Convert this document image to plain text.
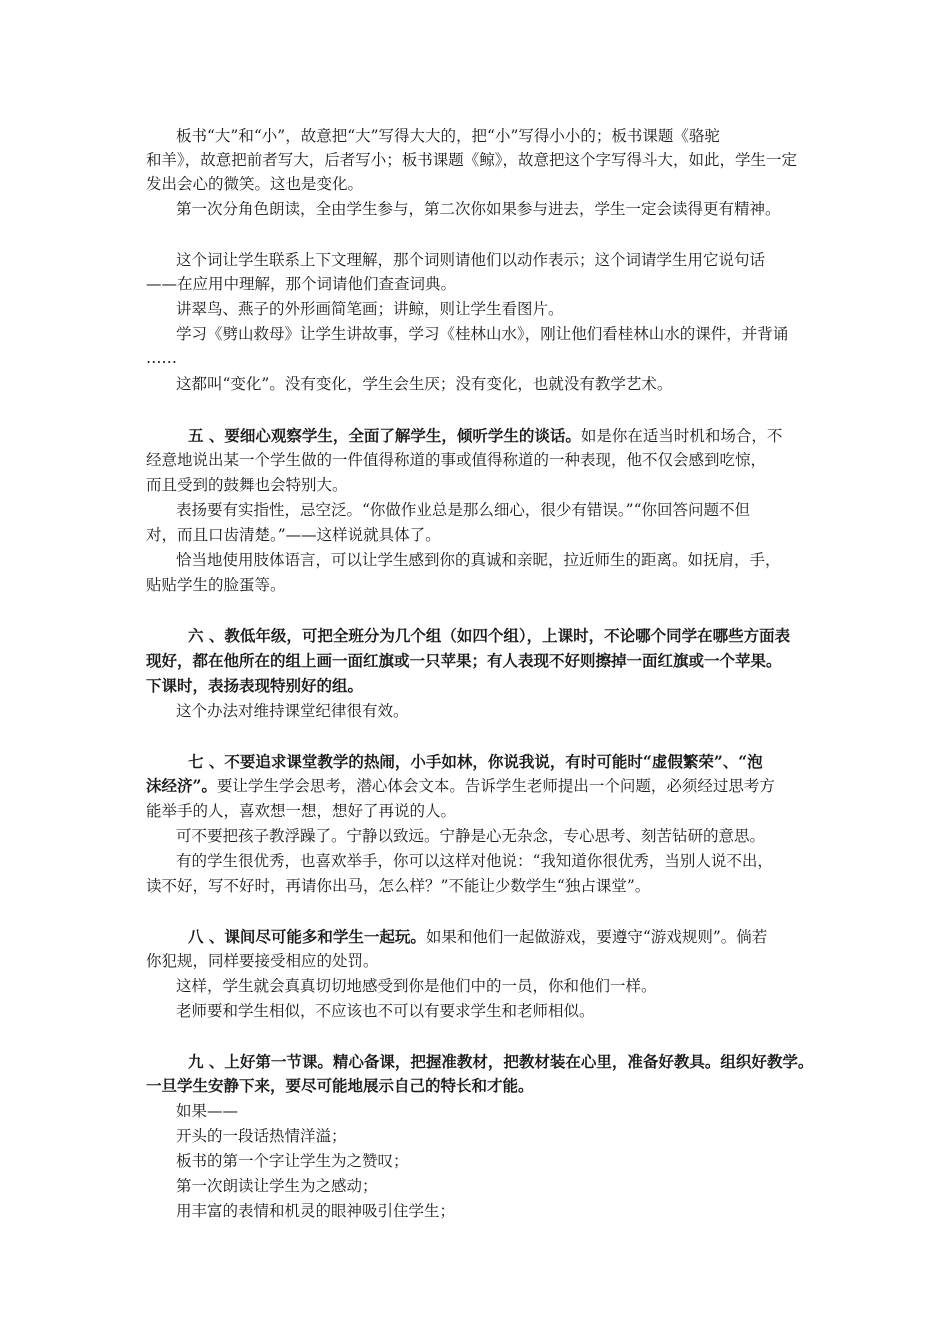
板书“大”和“小”，故意把“大”写得大大的，把“小”写得小小的；板书课题《骆驼
和羊》，故意把前者写大，后者写小；板书课题《鲸》，故意把这个字写得斗大，如此，学生一定
发出会心的微笑。这也是变化。
第一次分角色朗读，全由学生参与，第二次你如果参与进去，学生一定会读得更有精神。
这个词让学生联系上下文理解，那个词则请他们以动作表示；这个词请学生用它说句话
——在应用中理解，那个词请他们查查词典。
讲翠鸟、燕子的外形画简笔画；讲鲸，则让学生看图片。
学习《劈山救母》让学生讲故事，学习《桂林山水》，刚让他们看桂林山水的课件，并背诵
……
这都叫“变化”。没有变化，学生会生厌；没有变化，也就没有教学艺术。
五 、要细心观察学生，全面了解学生，倾听学生的谈话。如是你在适当时机和场合，不
经意地说出某一个学生做的一件值得称道的事或值得称道的一种表现，他不仅会感到吃惊，
而且受到的鼓舞也会特别大。
表扬要有实指性，忌空泛。“你做作业总是那么细心，很少有错误。”“你回答问题不但
对，而且口齿清楚。”——这样说就具体了。
恰当地使用肢体语言，可以让学生感到你的真诚和亲昵，拉近师生的距离。如抚肩，手，
贴贴学生的脸蛋等。
六 、教低年级，可把全班分为几个组（如四个组），上课时，不论哪个同学在哪些方面表
现好，都在他所在的组上画一面红旗或一只苹果；有人表现不好则擦掉一面红旗或一个苹果。
下课时，表扬表现特别好的组。
这个办法对维持课堂纪律很有效。
七 、不要追求课堂教学的热闹，小手如林，你说我说，有时可能时“虚假繁荣”、“泡
沫经济”。要让学生学会思考，潜心体会文本。告诉学生老师提出一个问题，必须经过思考方
能举手的人，喜欢想一想，想好了再说的人。
可不要把孩子教浮躁了。宁静以致远。宁静是心无杂念，专心思考、刻苦钻研的意思。
有的学生很优秀，也喜欢举手，你可以这样对他说：“我知道你很优秀，当别人说不出，
读不好，写不好时，再请你出马，怎么样？”不能让少数学生“独占课堂”。
八 、课间尽可能多和学生一起玩。如果和他们一起做游戏，要遵守“游戏规则”。倘若
你犯规，同样要接受相应的处罚。
这样，学生就会真真切切地感受到你是他们中的一员，你和他们一样。
老师要和学生相似，不应该也不可以有要求学生和老师相似。
九 、上好第一节课。精心备课，把握准教材，把教材装在心里，准备好教具。组织好教学。
一旦学生安静下来，要尽可能地展示自己的特长和才能。
如果——
开头的一段话热情洋溢；
板书的第一个字让学生为之赞叹；
第一次朗读让学生为之感动；
用丰富的表情和机灵的眼神吸引住学生；
